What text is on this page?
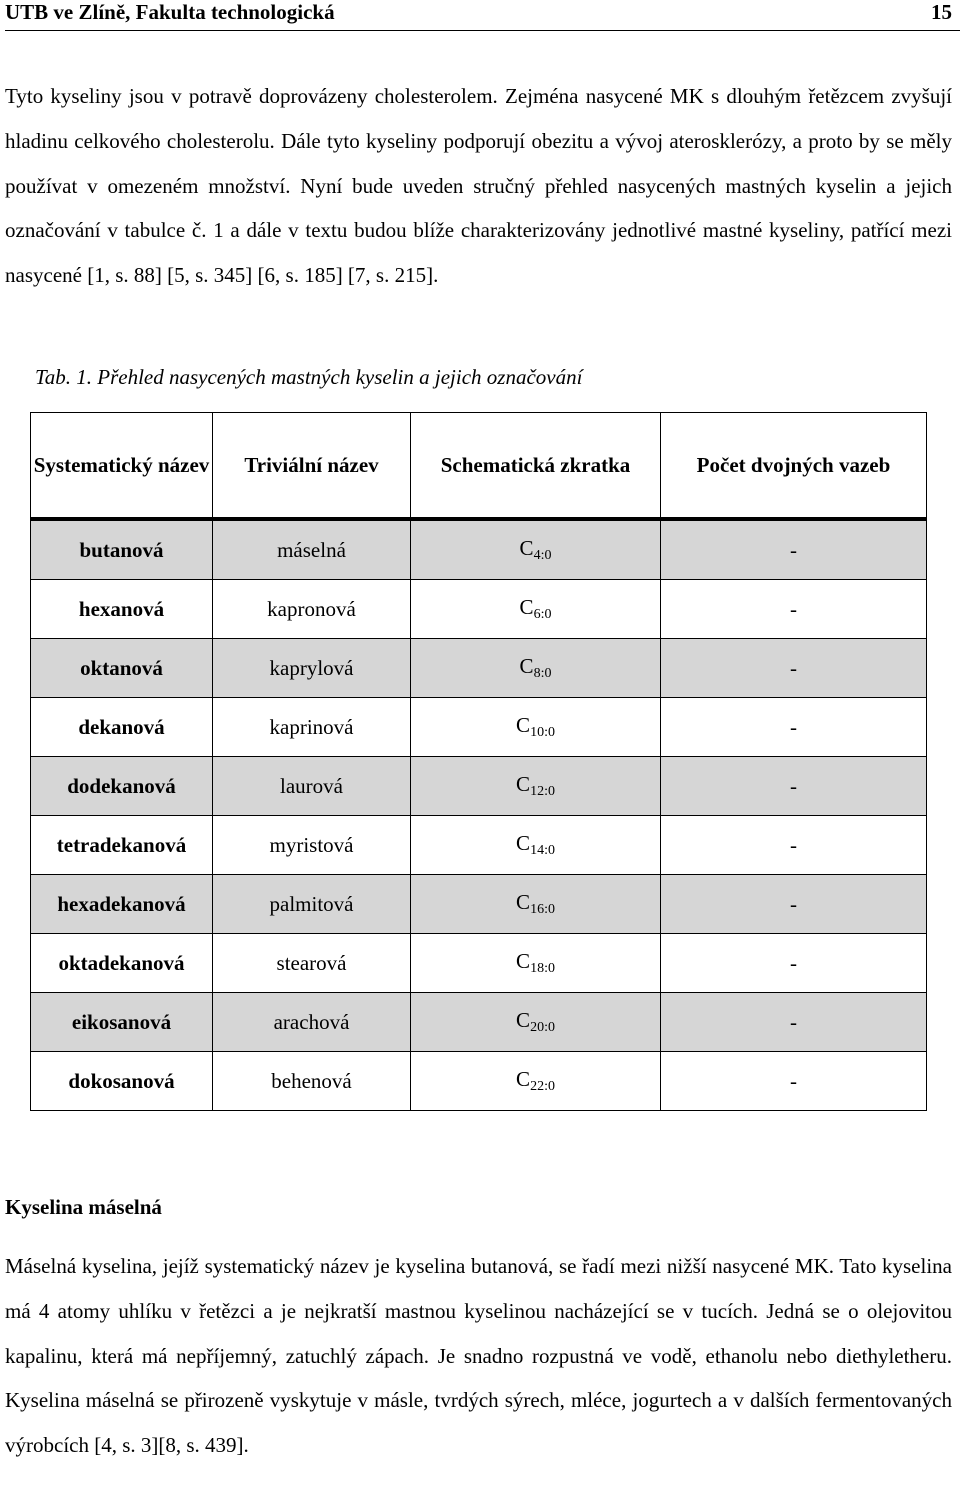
UTB ve Zlíně, Fakulta technologická	15

Tyto kyseliny jsou v potravě doprovázeny cholesterolem. Zejména nasycené MK s dlouhým řetězcem zvyšují hladinu celkového cholesterolu. Dále tyto kyseliny podporují obezitu a vývoj aterosklerózy, a proto by se měly používat v omezeném množství. Nyní bude uveden stručný přehled nasycených mastných kyselin a jejich označování v tabulce č. 1 a dále v textu budou blíže charakterizovány jednotlivé mastné kyseliny, patřící mezi nasycené [1, s. 88] [5, s. 345] [6, s. 185] [7, s. 215].

Tab. 1. Přehled nasycených mastných kyselin a jejich označování
Systematický název	Triviální název	Schematická zkratka	Počet dvojných vazeb
butanová	máselná	$C_{4:0}$	-
hexanová	kapronová	$C_{6:0}$	-
oktanová	kaprylová	$C_{8:0}$	-
dekanová	kaprinová	$C_{10:0}$	-
dodekanová	laurová	$C_{12:0}$	-
tetradekanová	myristová	$C_{14:0}$	-
hexadekanová	palmitová	$C_{16:0}$	-
oktadekanová	stearová	$C_{18:0}$	-
eikosanová	arachová	$C_{20:0}$	-
dokosanová	behenová	$C_{22:0}$	-
Kyselina máselná

Máselná kyselina, jejíž systematický název je kyselina butanová, se řadí mezi nižší nasycené MK. Tato kyselina má 4 atomy uhlíku v řetězci a je nejkratší mastnou kyselinou nacházející se v tucích. Jedná se o olejovitou kapalinu, která má nepříjemný, zatuchlý zápach. Je snadno rozpustná ve vodě, ethanolu nebo diethyletheru. Kyselina máselná se přirozeně vyskytuje v másle, tvrdých sýrech, mléce, jogurtech a v dalších fermentovaných výrobcích [4, s. 3][8, s. 439].
